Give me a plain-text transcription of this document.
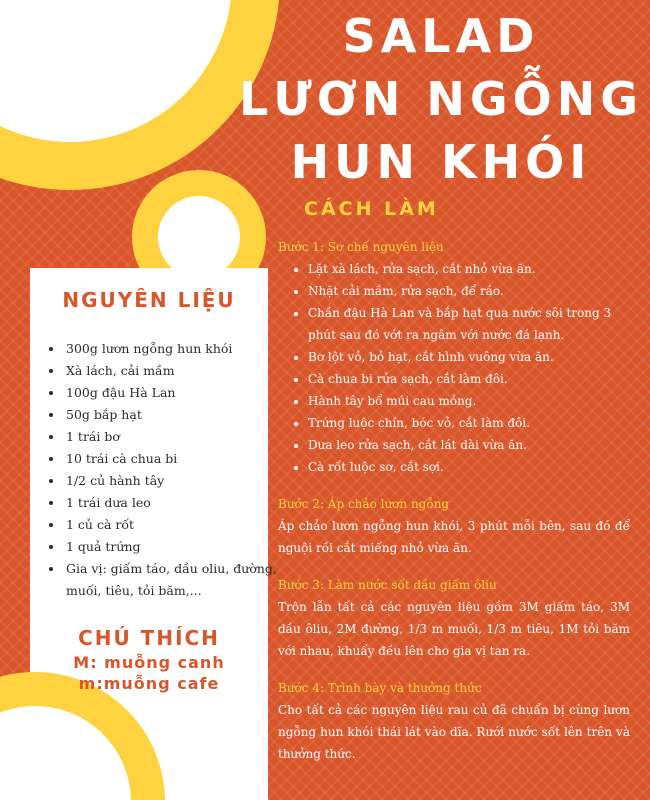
SALAD
LƯƠN NGỖNG
HUN KHÓI
CÁCH LÀM
NGUYÊN LIỆU
• 300g lươn ngỗng hun khói
• Xà lách, cải mầm
• 100g đậu Hà Lan
• 50g bắp hạt
• 1 trái bơ
• 10 trái cà chua bi
• 1/2 củ hành tây
• 1 trái dưa leo
• 1 củ cà rốt
• 1 quả trứng
• Gia vị: giấm táo, dầu oliu, đường, muối, tiêu, tỏi băm,...
CHÚ THÍCH
M: muỗng canh
m:muỗng cafe
Bước 1: Sơ chế nguyên liệu
• Lặt xà lách, rửa sạch, cắt nhỏ vừa ăn.
• Nhặt cải mầm, rửa sạch, để ráo.
• Chần đậu Hà Lan và bắp hạt qua nước sôi trong 3 phút sau đó vớt ra ngâm với nước đá lạnh.
• Bơ lột vỏ, bỏ hạt, cắt hình vuông vừa ăn.
• Cà chua bi rửa sạch, cắt làm đôi.
• Hành tây bổ múi cau mỏng.
• Trứng luộc chín, bóc vỏ, cắt làm đôi.
• Dưa leo rửa sạch, cắt lát dài vừa ăn.
• Cà rốt luộc sơ, cắt sợi.
Bước 2: Áp chảo lươn ngỗng

Áp chảo lươn ngỗng hun khói, 3 phút mỗi bên, sau đó để nguội rồi cắt miếng nhỏ vừa ăn.

Bước 3: Làm nước sốt dầu giấm ôliu

Trộn lẫn tất cả các nguyên liệu gồm 3M giấm táo, 3M dầu ôliu, 2M đường, 1/3 m muối, 1/3 m tiêu, 1M tỏi băm với nhau, khuấy đều lên cho gia vị tan ra.

Bước 4: Trình bày và thưởng thức

Cho tất cả các nguyên liệu rau củ đã chuẩn bị cùng lươn ngỗng hun khói thái lát vào dĩa. Rưới nước sốt lên trên và thưởng thức.
